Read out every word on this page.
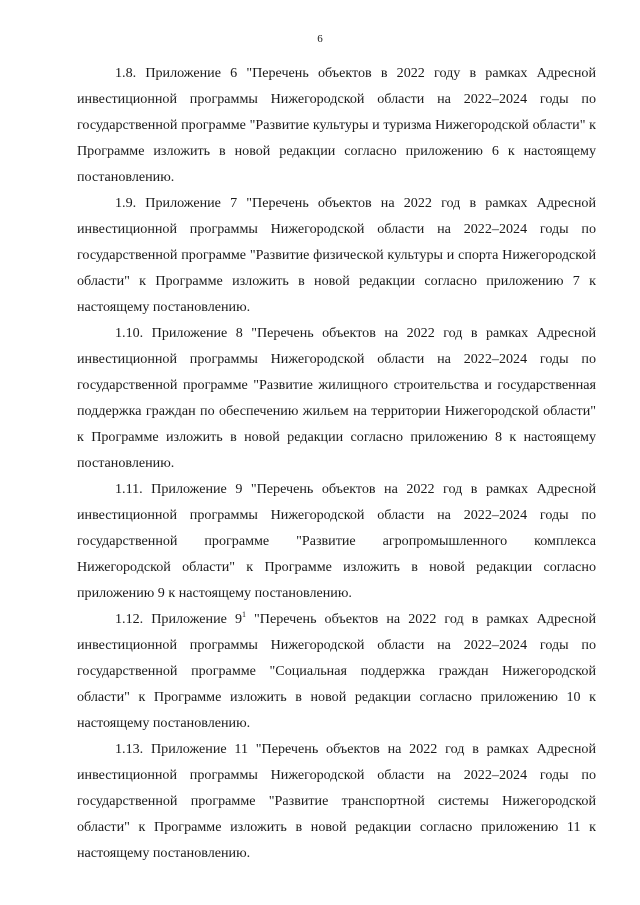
6

1.8. Приложение 6 "Перечень объектов в 2022 году в рамках Адресной инвестиционной программы Нижегородской области на 2022–2024 годы по государственной программе "Развитие культуры и туризма Нижегородской области" к Программе изложить в новой редакции согласно приложению 6 к настоящему постановлению.

1.9. Приложение 7 "Перечень объектов на 2022 год в рамках Адресной инвестиционной программы Нижегородской области на 2022–2024 годы по государственной программе "Развитие физической культуры и спорта Нижегородской области" к Программе изложить в новой редакции согласно приложению 7 к настоящему постановлению.

1.10. Приложение 8 "Перечень объектов на 2022 год в рамках Адресной инвестиционной программы Нижегородской области на 2022–2024 годы по государственной программе "Развитие жилищного строительства и государственная поддержка граждан по обеспечению жильем на территории Нижегородской области" к Программе изложить в новой редакции согласно приложению 8 к настоящему постановлению.

1.11. Приложение 9 "Перечень объектов на 2022 год в рамках Адресной инвестиционной программы Нижегородской области на 2022–2024 годы по государственной программе "Развитие агропромышленного комплекса Нижегородской области" к Программе изложить в новой редакции согласно приложению 9 к настоящему постановлению.

1.12. Приложение $9^1$ "Перечень объектов на 2022 год в рамках Адресной инвестиционной программы Нижегородской области на 2022–2024 годы по государственной программе "Социальная поддержка граждан Нижегородской области" к Программе изложить в новой редакции согласно приложению 10 к настоящему постановлению.

1.13. Приложение 11 "Перечень объектов на 2022 год в рамках Адресной инвестиционной программы Нижегородской области на 2022–2024 годы по государственной программе "Развитие транспортной системы Нижегородской области" к Программе изложить в новой редакции согласно приложению 11 к настоящему постановлению.
